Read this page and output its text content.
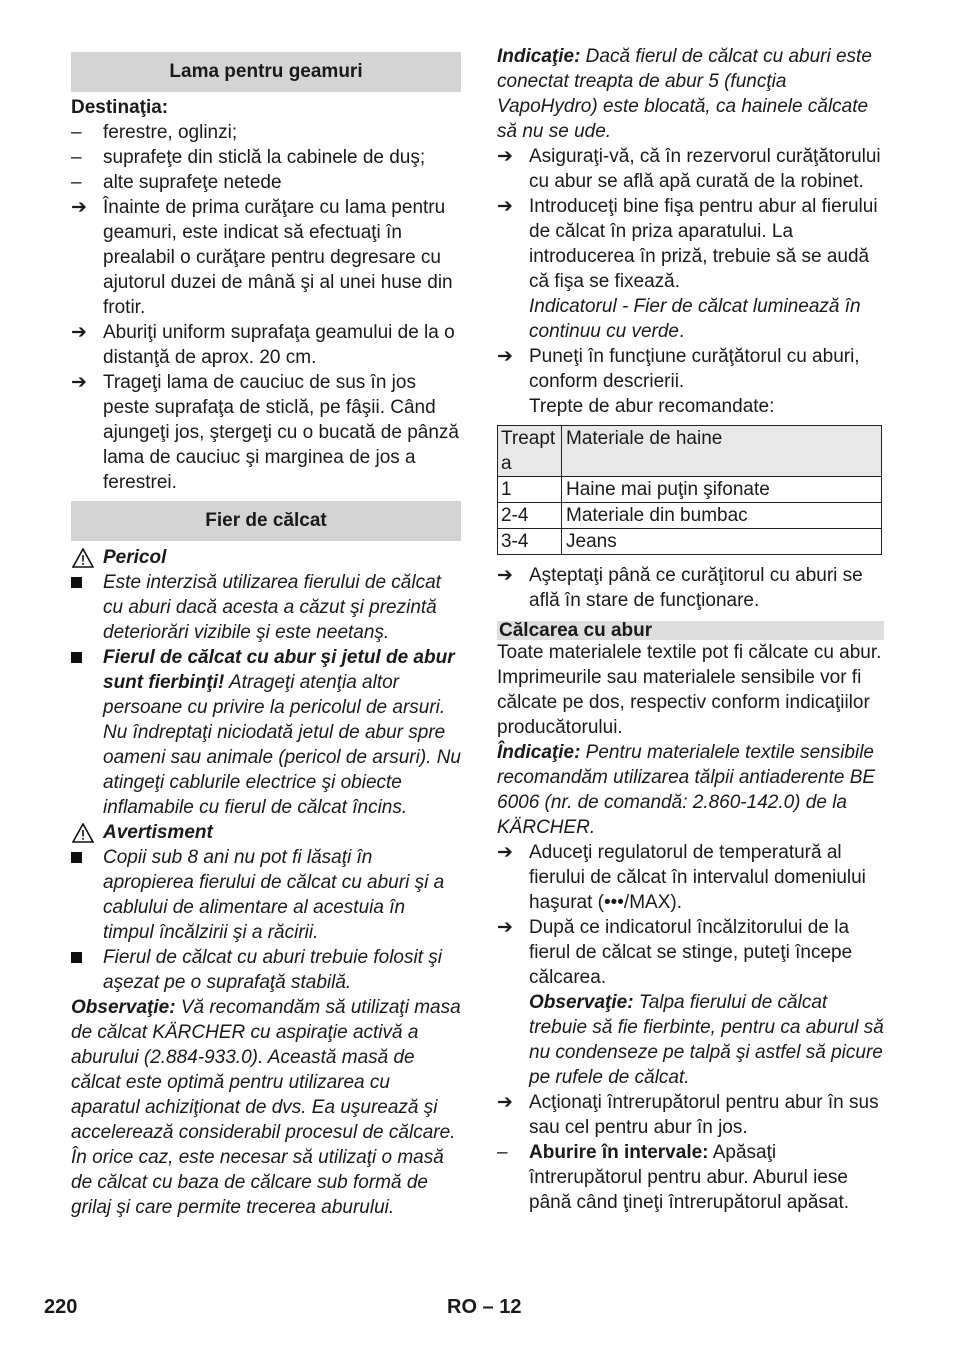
Lama pentru geamuri
Destinaţia:
–	ferestre, oglinzi;
–	suprafeţe din sticlă la cabinele de duş;
–	alte suprafeţe netede
➔ Înainte de prima curăţare cu lama pentru geamuri, este indicat să efectuaţi în prealabil o curăţare pentru degresare cu ajutorul duzei de mână şi al unei huse din frotir.
➔ Aburiţi uniform suprafaţa geamului de la o distanţă de aprox. 20 cm.
➔ Trageţi lama de cauciuc de sus în jos peste suprafaţa de sticlă, pe fâşii. Când ajungeţi jos, ştergeţi cu o bucată de pânză lama de cauciuc şi marginea de jos a ferestrei.
Fier de călcat
Pericol
Este interzisă utilizarea fierului de călcat cu aburi dacă acesta a căzut şi prezintă deteriorări vizibile şi este neetanş.
Fierul de călcat cu abur şi jetul de abur sunt fierbinţi! Atrageţi atenţia altor persoane cu privire la pericolul de arsuri. Nu îndreptaţi niciodată jetul de abur spre oameni sau animale (pericol de arsuri). Nu atingeţi cablurile electrice şi obiecte inflamabile cu fierul de călcat încins.
Avertisment
Copii sub 8 ani nu pot fi lăsaţi în apropierea fierului de călcat cu aburi şi a cablului de alimentare al acestuia în timpul încălzirii şi a răcirii.
Fierul de călcat cu aburi trebuie folosit şi aşezat pe o suprafaţă stabilă.
Observaţie: Vă recomandăm să utilizaţi masa de călcat KÄRCHER cu aspiraţie activă a aburului (2.884-933.0). Această masă de călcat este optimă pentru utilizarea cu aparatul achiziţionat de dvs. Ea uşurează şi accelerează considerabil procesul de călcare. În orice caz, este necesar să utilizaţi o masă de călcat cu baza de călcare sub formă de grilaj şi care permite trecerea aburului.
Indicaţie: Dacă fierul de călcat cu aburi este conectat treapta de abur 5 (funcţia VapoHydro) este blocată, ca hainele călcate să nu se ude.
➔ Asiguraţi-vă, că în rezervorul curăţătorului cu abur se află apă curată de la robinet.
➔ Introduceţi bine fişa pentru abur al fierului de călcat în priza aparatului. La introducerea în priză, trebuie să se audă că fişa se fixează.
Indicatorul - Fier de călcat luminează în continuu cu verde.
➔ Puneţi în funcţiune curăţătorul cu aburi, conform descrierii.
Trepte de abur recomandate:
Treapta	Materiale de haine
1	Haine mai puţin şifonate
2-4	Materiale din bumbac
3-4	Jeans
➔ Aşteptaţi până ce curăţitorul cu aburi se află în stare de funcţionare.
Călcarea cu abur
Toate materialele textile pot fi călcate cu abur. Imprimeurile sau materialele sensibile vor fi călcate pe dos, respectiv conform indicaţiilor producătorului.
Îndicaţie: Pentru materialele textile sensibile recomandăm utilizarea tălpii antiaderente BE 6006 (nr. de comandă: 2.860-142.0) de la KÄRCHER.
➔ Aduceţi regulatorul de temperatură al fierului de călcat în intervalul domeniului haşurat (•••/MAX).
➔ După ce indicatorul încălzitorului de la fierul de călcat se stinge, puteţi începe călcarea.
Observaţie: Talpa fierului de călcat trebuie să fie fierbinte, pentru ca aburul să nu condenseze pe talpă şi astfel să picure pe rufele de călcat.
➔ Acţionaţi întrerupătorul pentru abur în sus sau cel pentru abur în jos.
–	Aburire în intervale: Apăsaţi întrerupătorul pentru abur. Aburul iese până când ţineţi întrerupătorul apăsat.
220	RO – 12
